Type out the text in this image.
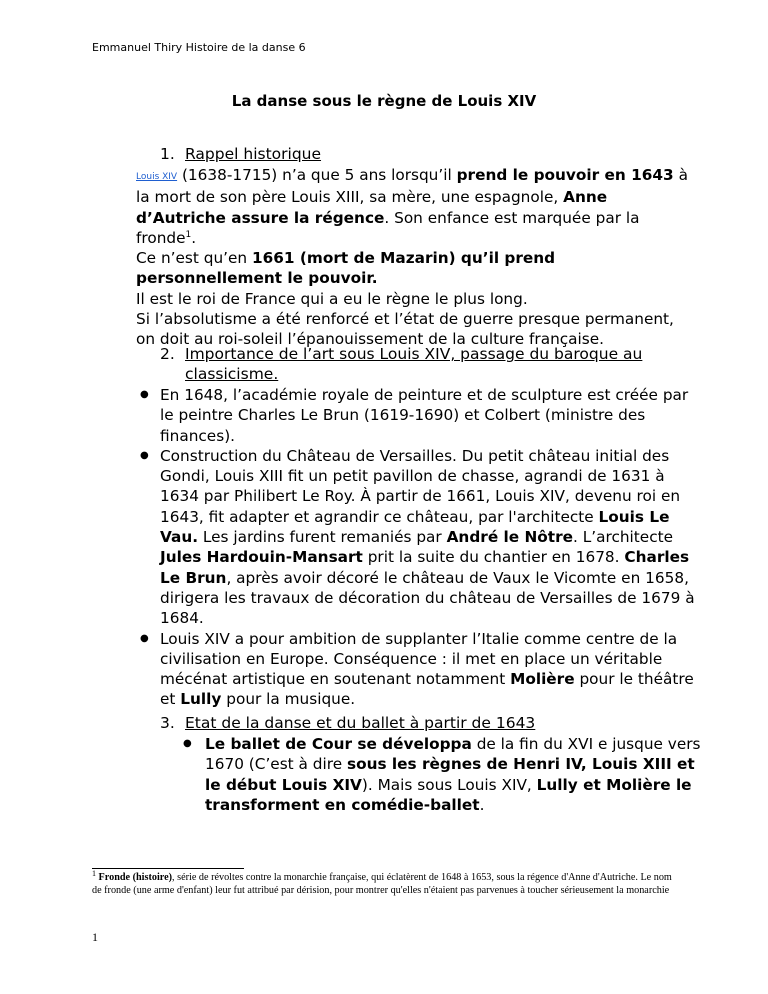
Emmanuel Thiry Histoire de la danse 6
La danse sous le règne de Louis XIV
1. Rappel historique
Louis XIV (1638-1715) n’a que 5 ans lorsqu’il prend le pouvoir en 1643 à la mort de son père Louis XIII, sa mère, une espagnole, Anne d’Autriche assure la régence. Son enfance est marquée par la fronde$^1$.
Ce n’est qu’en 1661 (mort de Mazarin) qu’il prend personnellement le pouvoir.
Il est le roi de France qui a eu le règne le plus long.
Si l’absolutisme a été renforcé et l’état de guerre presque permanent, on doit au roi-soleil l’épanouissement de la culture française.
2. Importance de l’art sous Louis XIV, passage du baroque au classicisme.
● En 1648, l’académie royale de peinture et de sculpture est créée par le peintre Charles Le Brun (1619-1690) et Colbert (ministre des finances).
● Construction du Château de Versailles. Du petit château initial des Gondi, Louis XIII fit un petit pavillon de chasse, agrandi de 1631 à 1634 par Philibert Le Roy. À partir de 1661, Louis XIV, devenu roi en 1643, fit adapter et agrandir ce château, par l'architecte Louis Le Vau. Les jardins furent remaniés par André le Nôtre. L’architecte Jules Hardouin-Mansart prit la suite du chantier en 1678. Charles Le Brun, après avoir décoré le château de Vaux le Vicomte en 1658, dirigera les travaux de décoration du château de Versailles de 1679 à 1684.
● Louis XIV a pour ambition de supplanter l’Italie comme centre de la civilisation en Europe. Conséquence : il met en place un véritable mécénat artistique en soutenant notamment Molière pour le théâtre et Lully pour la musique.
3. Etat de la danse et du ballet à partir de 1643
● Le ballet de Cour se développa de la fin du XVI e jusque vers 1670 (C’est à dire sous les règnes de Henri IV, Louis XIII et le début Louis XIV). Mais sous Louis XIV, Lully et Molière le transforment en comédie-ballet.
$^1$ Fronde (histoire), série de révoltes contre la monarchie française, qui éclatèrent de 1648 à 1653, sous la régence d'Anne d'Autriche. Le nom de fronde (une arme d'enfant) leur fut attribué par dérision, pour montrer qu'elles n'étaient pas parvenues à toucher sérieusement la monarchie
1
